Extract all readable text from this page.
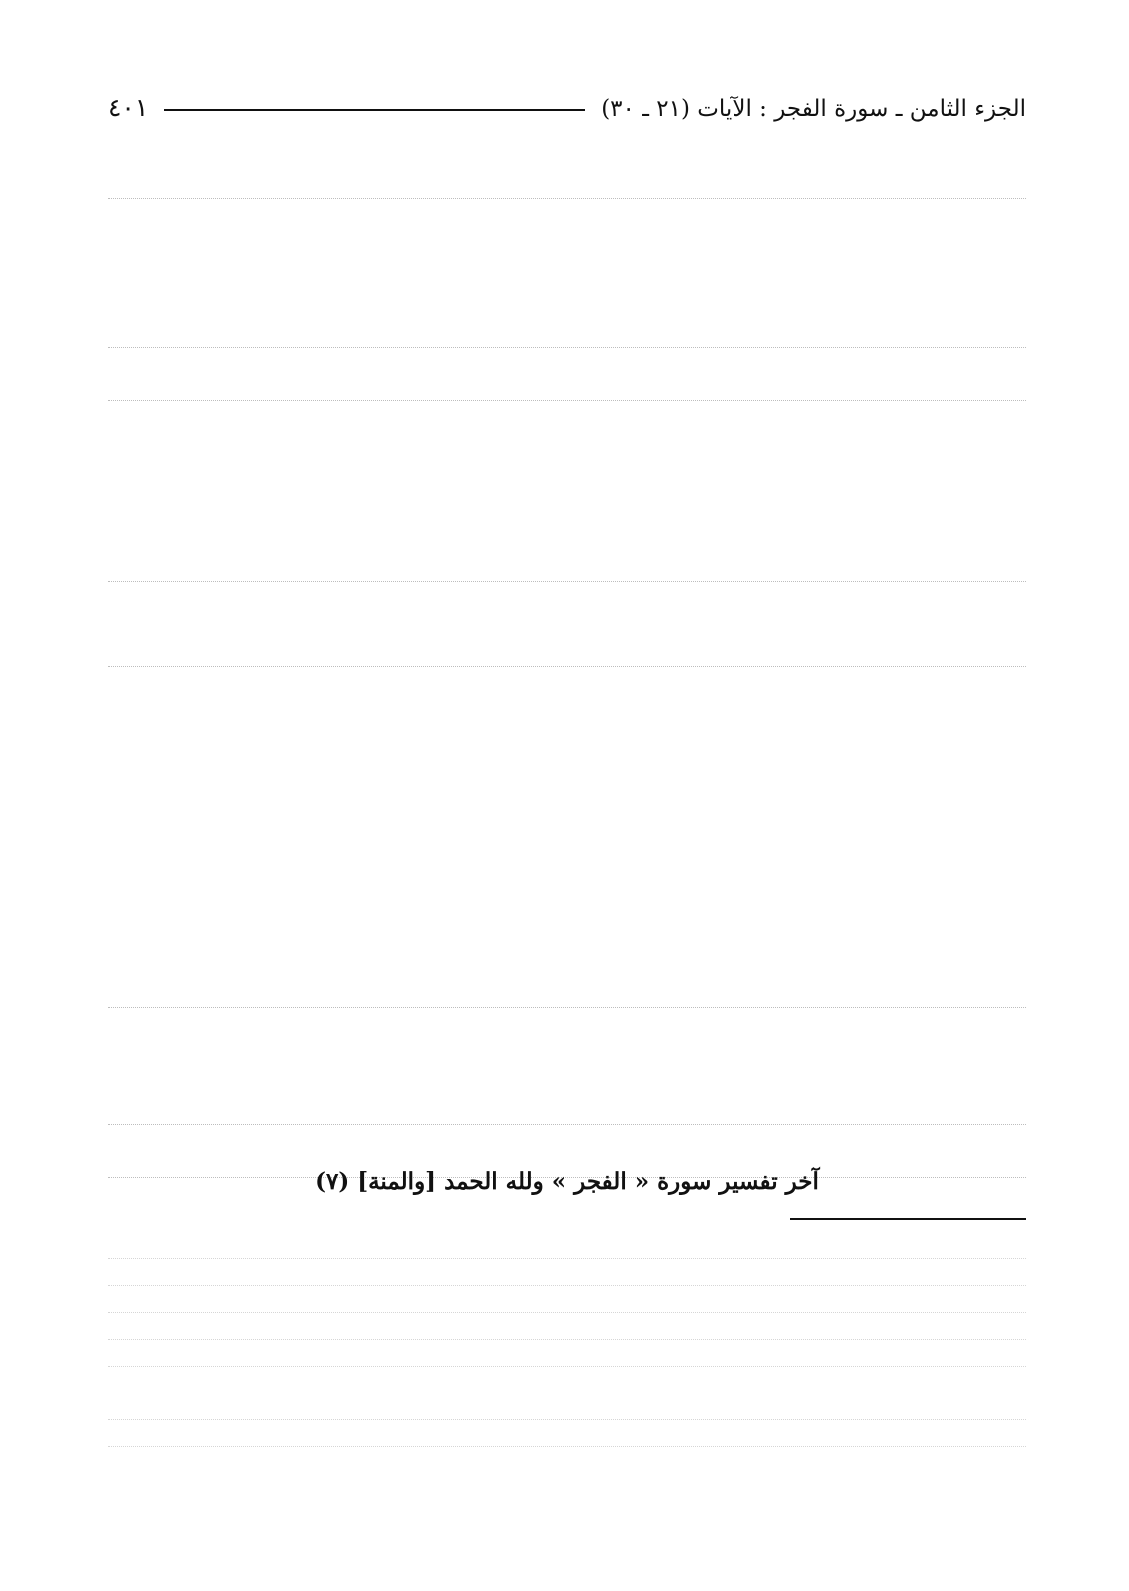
٤٠١	الجزء الثامن ـ سورة الفجر : الآيات (٢١ ـ ٣٠)
آخر تفسير سورة « الفجر » ولله الحمد [والمنة] (٧)
